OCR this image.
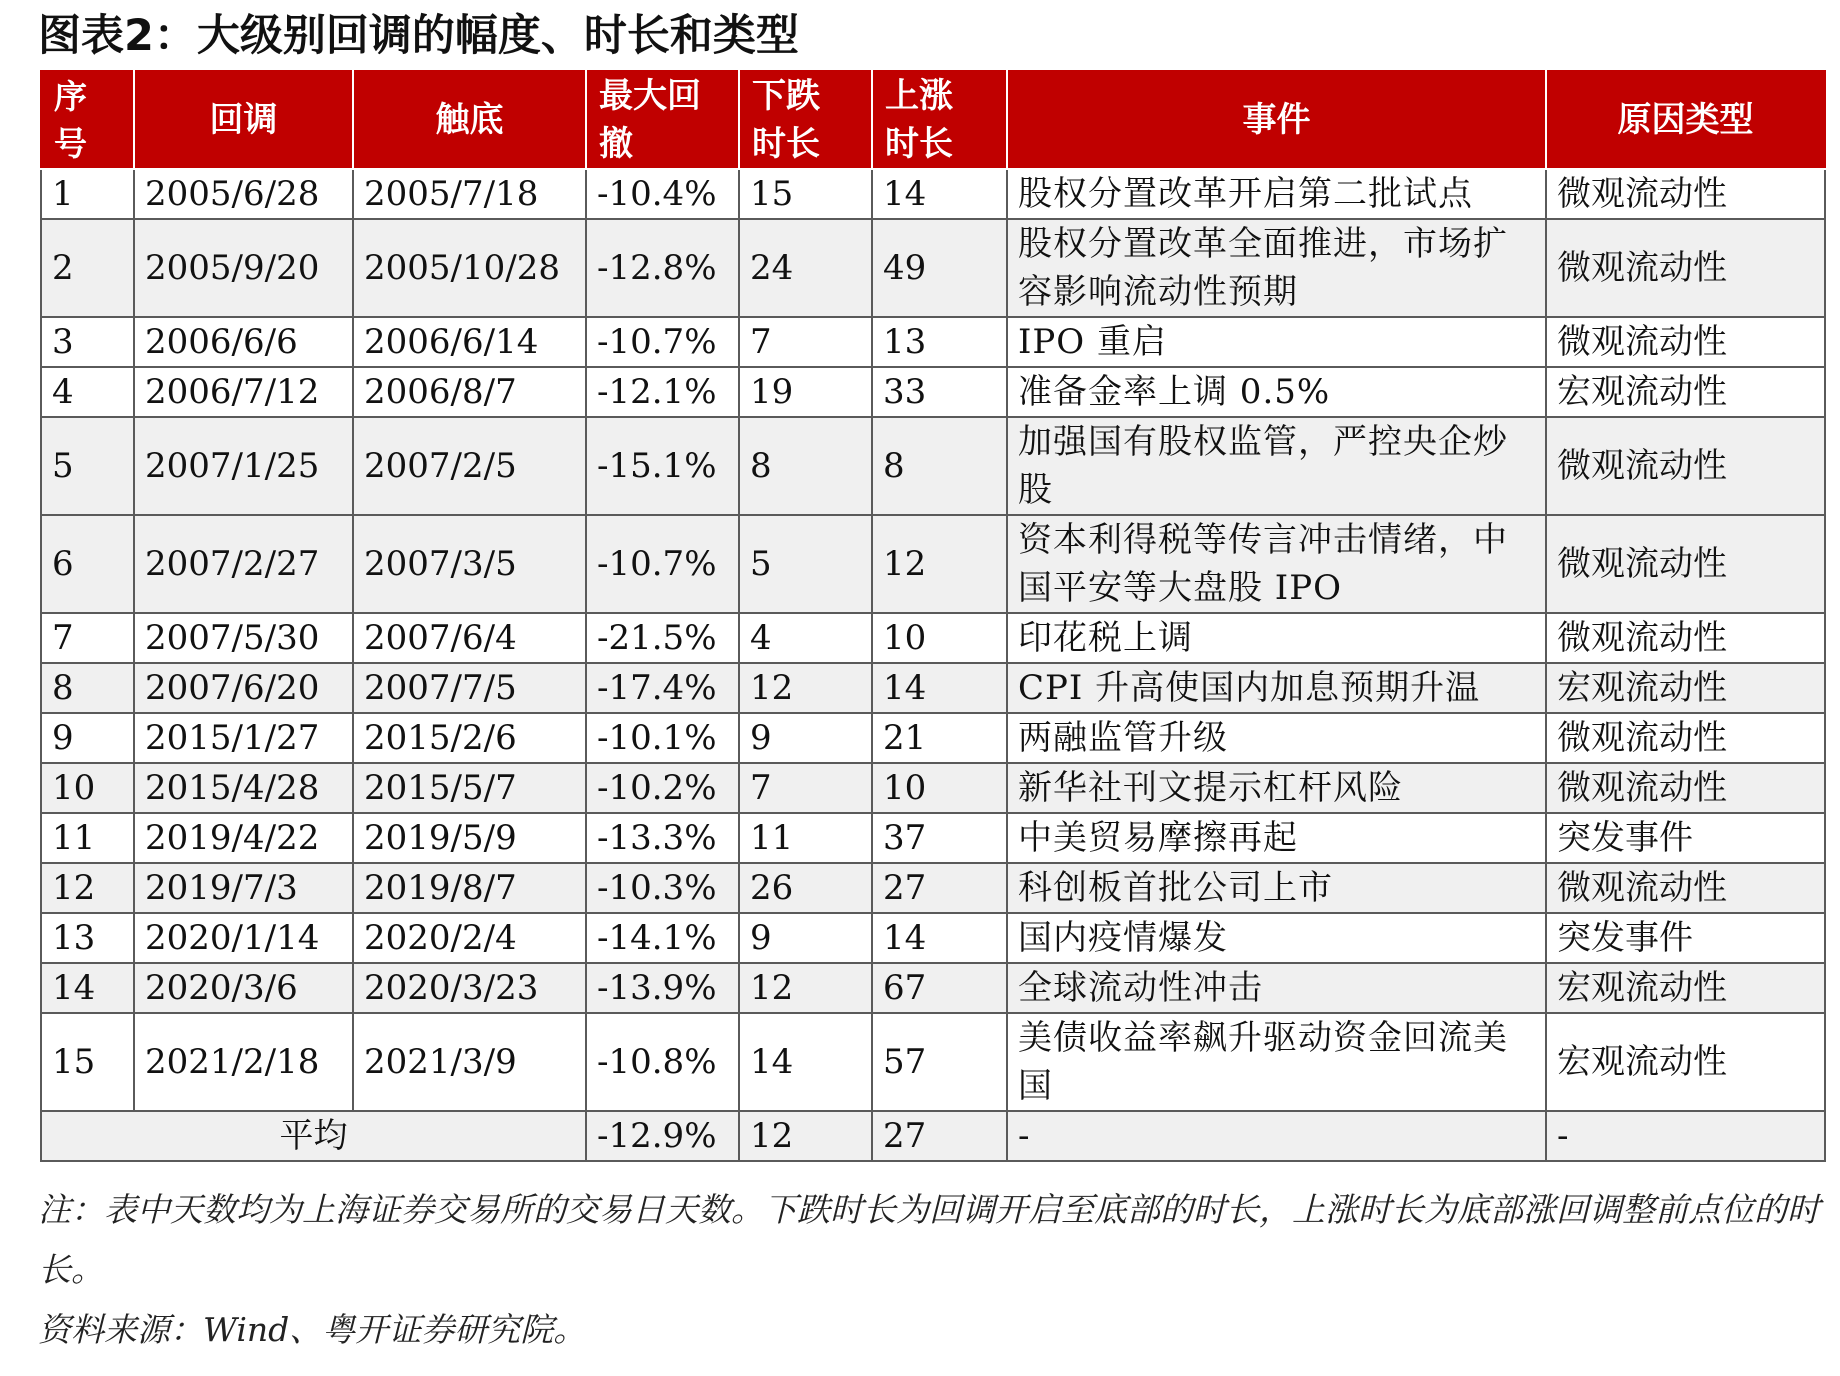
图表2：大级别回调的幅度、时长和类型
序号	回调	触底	最大回撤	下跌时长	上涨时长	事件	原因类型
1	2005/6/28	2005/7/18	-10.4%	15	14	股权分置改革开启第二批试点	微观流动性
2	2005/9/20	2005/10/28	-12.8%	24	49	股权分置改革全面推进，市场扩容影响流动性预期	微观流动性
3	2006/6/6	2006/6/14	-10.7%	7	13	IPO 重启	微观流动性
4	2006/7/12	2006/8/7	-12.1%	19	33	准备金率上调 0.5%	宏观流动性
5	2007/1/25	2007/2/5	-15.1%	8	8	加强国有股权监管，严控央企炒股	微观流动性
6	2007/2/27	2007/3/5	-10.7%	5	12	资本利得税等传言冲击情绪，中国平安等大盘股 IPO	微观流动性
7	2007/5/30	2007/6/4	-21.5%	4	10	印花税上调	微观流动性
8	2007/6/20	2007/7/5	-17.4%	12	14	CPI 升高使国内加息预期升温	宏观流动性
9	2015/1/27	2015/2/6	-10.1%	9	21	两融监管升级	微观流动性
10	2015/4/28	2015/5/7	-10.2%	7	10	新华社刊文提示杠杆风险	微观流动性
11	2019/4/22	2019/5/9	-13.3%	11	37	中美贸易摩擦再起	突发事件
12	2019/7/3	2019/8/7	-10.3%	26	27	科创板首批公司上市	微观流动性
13	2020/1/14	2020/2/4	-14.1%	9	14	国内疫情爆发	突发事件
14	2020/3/6	2020/3/23	-13.9%	12	67	全球流动性冲击	宏观流动性
15	2021/2/18	2021/3/9	-10.8%	14	57	美债收益率飙升驱动资金回流美国	宏观流动性
平均			-12.9%	12	27	-	-
注：表中天数均为上海证券交易所的交易日天数。下跌时长为回调开启至底部的时长，上涨时长为底部涨回调整前点位的时长。
资料来源：Wind、粤开证券研究院。
